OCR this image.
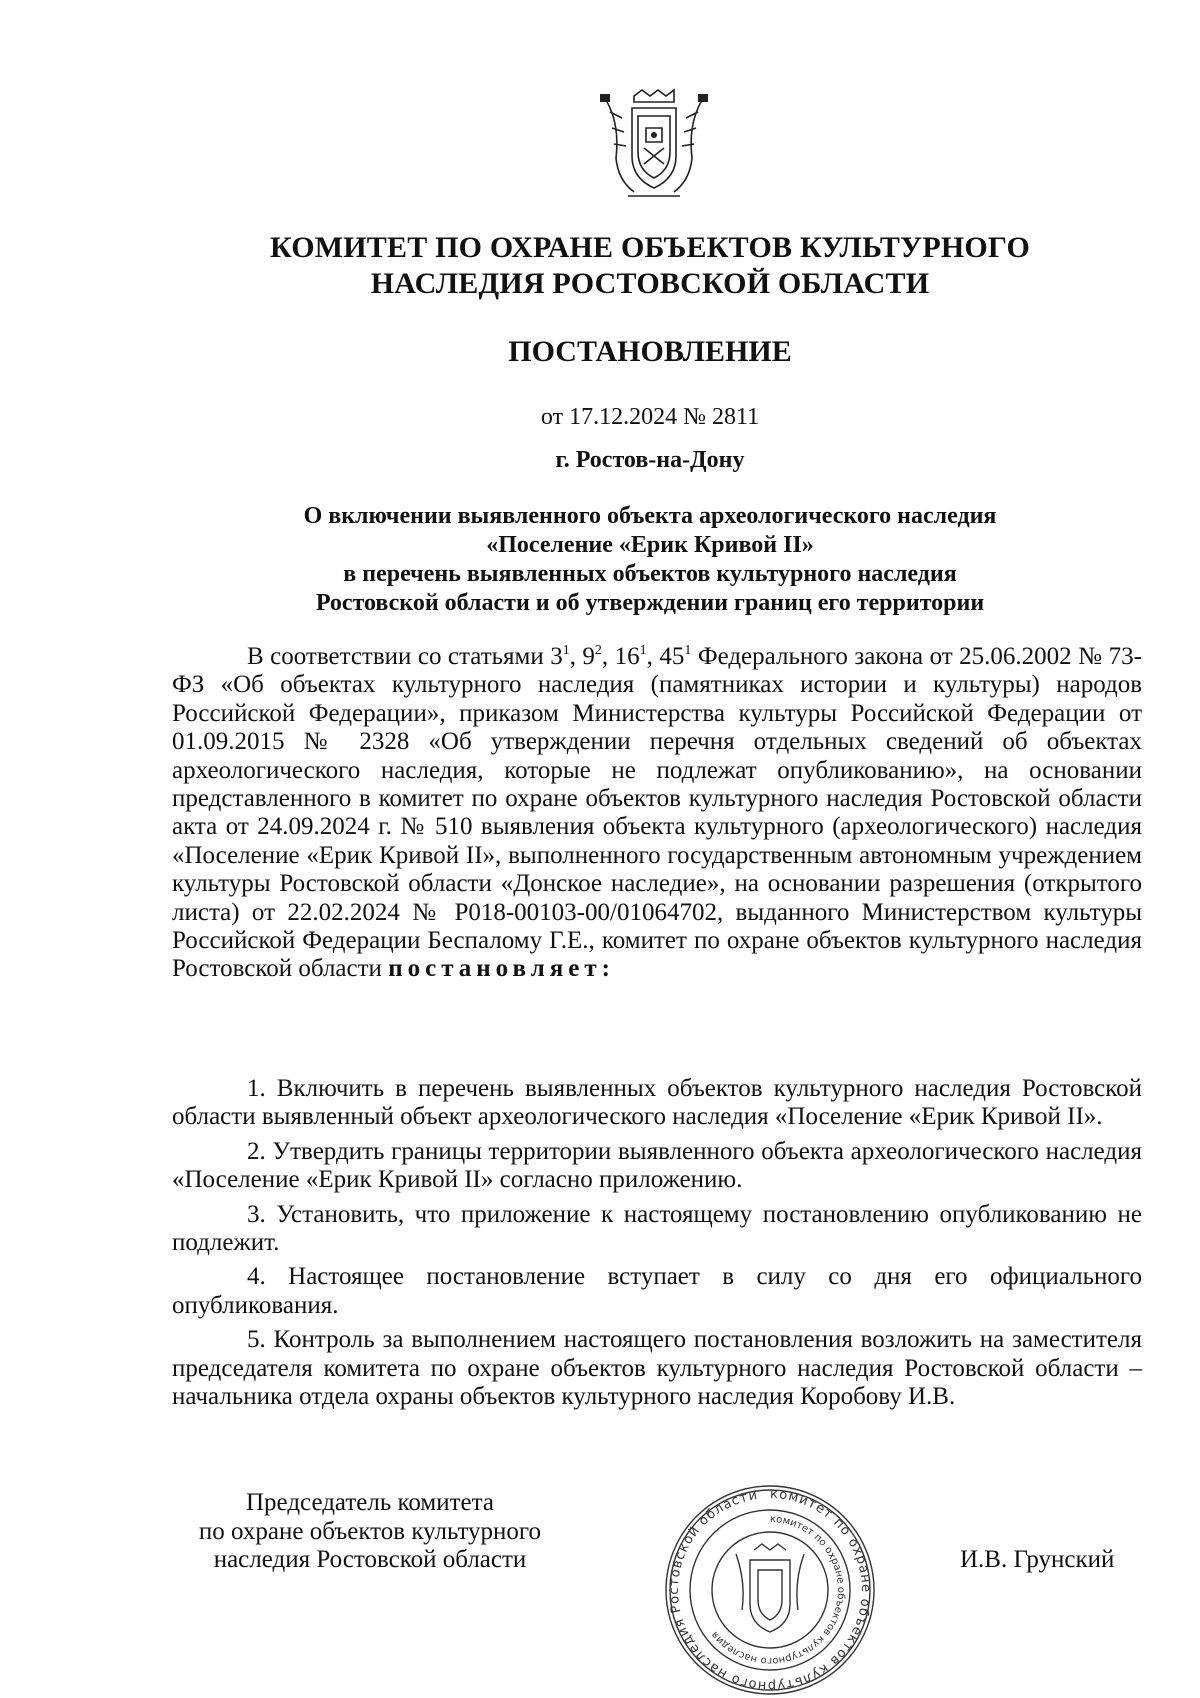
КОМИТЕТ ПО ОХРАНЕ ОБЪЕКТОВ КУЛЬТУРНОГО
НАСЛЕДИЯ РОСТОВСКОЙ ОБЛАСТИ
ПОСТАНОВЛЕНИЕ
от 17.12.2024 № 2811
г. Ростов-на-Дону
О включении выявленного объекта археологического наследия
«Поселение «Ерик Кривой II»
в перечень выявленных объектов культурного наследия
Ростовской области и об утверждении границ его территории

В соответствии со статьями $3^1$, $9^2$, $16^1$, $45^1$ Федерального закона от 25.06.2002 № 73-ФЗ «Об объектах культурного наследия (памятниках истории и культуры) народов Российской Федерации», приказом Министерства культуры Российской Федерации от 01.09.2015 № 2328 «Об утверждении перечня отдельных сведений об объектах археологического наследия, которые не подлежат опубликованию», на основании представленного в комитет по охране объектов культурного наследия Ростовской области акта от 24.09.2024 г. № 510 выявления объекта культурного (археологического) наследия «Поселение «Ерик Кривой II», выполненного государственным автономным учреждением культуры Ростовской области «Донское наследие», на основании разрешения (открытого листа) от 22.02.2024 № Р018-00103-00/01064702, выданного Министерством культуры Российской Федерации Беспалому Г.Е., комитет по охране объектов культурного наследия Ростовской области постановляет:

1. Включить в перечень выявленных объектов культурного наследия Ростовской области выявленный объект археологического наследия «Поселение «Ерик Кривой II».

2. Утвердить границы территории выявленного объекта археологического наследия «Поселение «Ерик Кривой II» согласно приложению.

3. Установить, что приложение к настоящему постановлению опубликованию не подлежит.

4. Настоящее постановление вступает в силу со дня его официального опубликования.

5. Контроль за выполнением настоящего постановления возложить на заместителя председателя комитета по охране объектов культурного наследия Ростовской области – начальника отдела охраны объектов культурного наследия Коробову И.В.

Председатель комитета
по охране объектов культурного
наследия Ростовской области
комитет по охране объектов культурного наследия Ростовской области
комитет по охране объектов культурного наследия
И.В. Грунский
